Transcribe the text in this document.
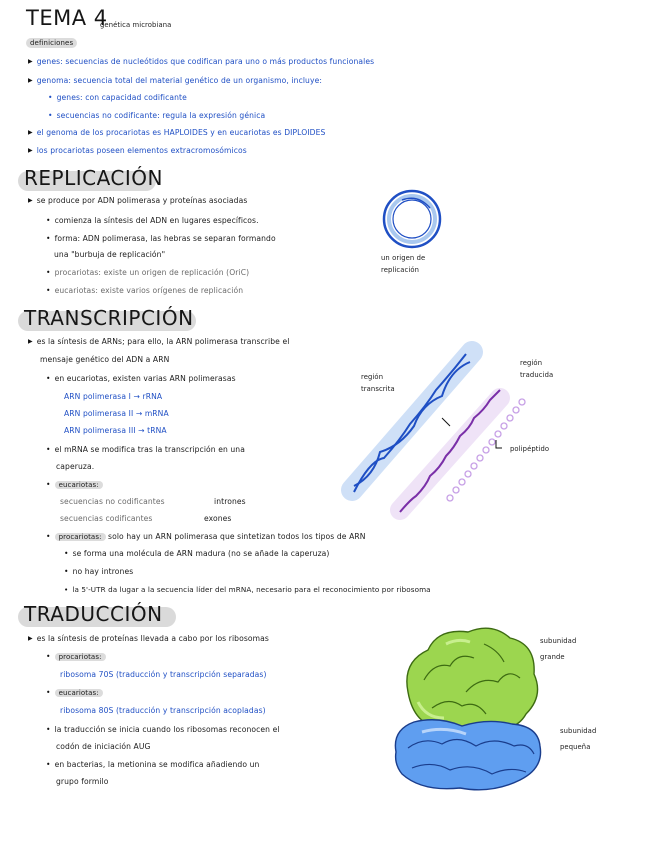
TEMA 4
genética microbiana
definiciones
▶ genes: secuencias de nucleótidos que codifican para uno o más productos funcionales
▶ genoma: secuencia total del material genético de un organismo, incluye:
• genes: con capacidad codificante
• secuencias no codificante: regula la expresión génica
▶ el genoma de los procariotas es HAPLOIDES y en eucariotas es DIPLOIDES
▶ los procariotas poseen elementos extracromosómicos
REPLICACIÓN
▶ se produce por ADN polimerasa y proteínas asociadas
• comienza la síntesis del ADN en lugares específicos.
• forma: ADN polimerasa, las hebras se separan formando
una "burbuja de replicación"
• procariotas: existe un origen de replicación (OriC)
• eucariotas: existe varios orígenes de replicación
un origen de
replicación
TRANSCRIPCIÓN
▶ es la síntesis de ARNs; para ello, la ARN polimerasa transcribe el
mensaje genético del ADN a ARN
• en eucariotas, existen varias ARN polimerasas
ARN polimerasa I → rRNA
ARN polimerasa II → mRNA
ARN polimerasa III → tRNA
• el mRNA se modifica tras la transcripción en una
caperuza.
• eucariotas:
secuencias no codificantes	intrones
secuencias codificantes	exones
• procariotas: solo hay un ARN polimerasa que sintetizan todos los tipos de ARN
• se forma una molécula de ARN madura (no se añade la caperuza)
• no hay intrones
• la 5'-UTR da lugar a la secuencia líder del mRNA, necesario para el reconocimiento por ribosoma
región
transcrita
región
traducida
polipéptido
TRADUCCIÓN
▶ es la síntesis de proteínas llevada a cabo por los ribosomas
• procariotas:
ribosoma 70S (traducción y transcripción separadas)
• eucariotas:
ribosoma 80S (traducción y transcripción acopladas)
• la traducción se inicia cuando los ribosomas reconocen el
codón de iniciación AUG
• en bacterias, la metionina se modifica añadiendo un
grupo formilo
subunidad
grande
subunidad
pequeña
